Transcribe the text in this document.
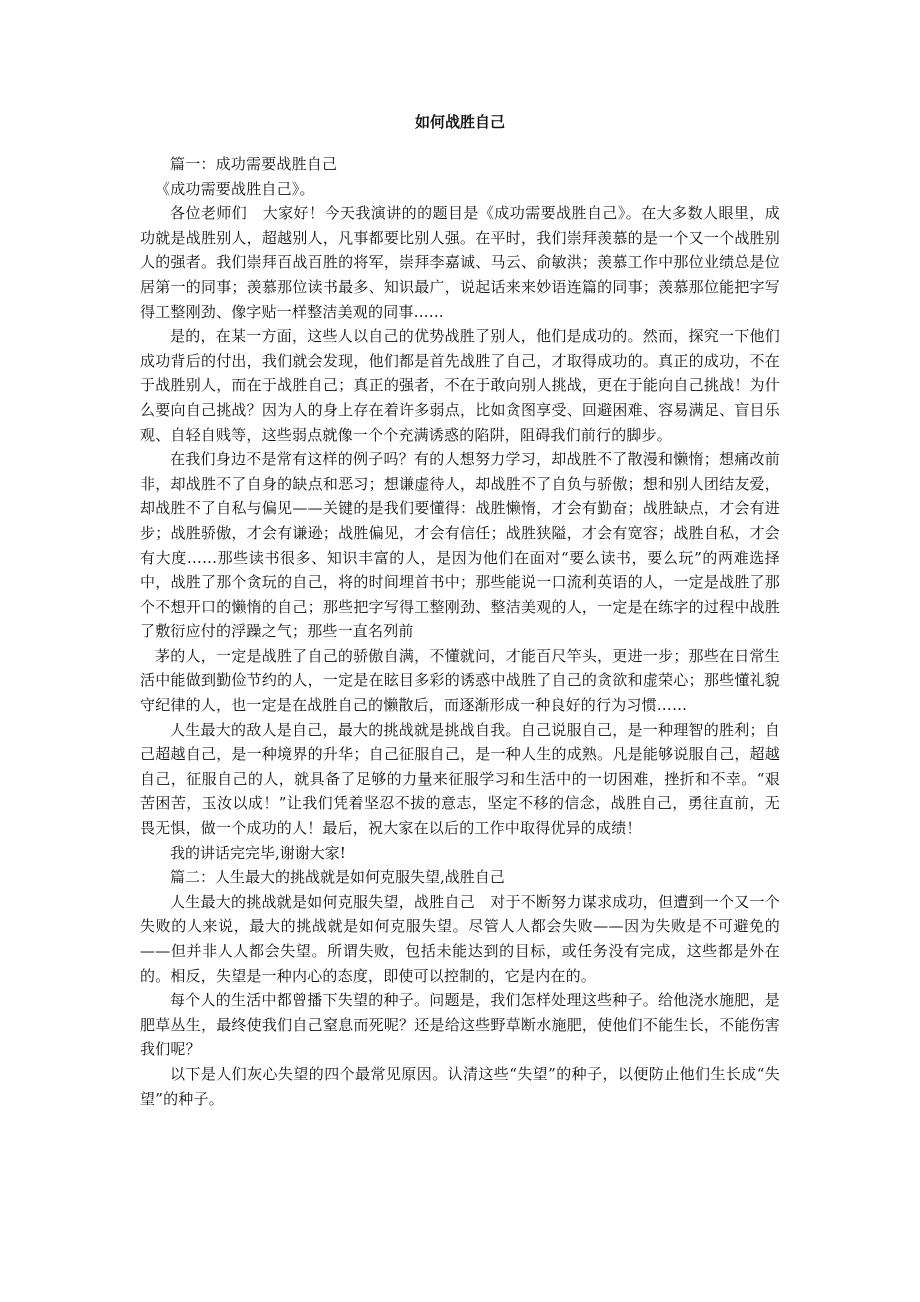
如何战胜自己

篇一：成功需要战胜自己

《成功需要战胜自己》。

各位老师们　大家好！今天我演讲的的题目是《成功需要战胜自己》。在大多数人眼里，成功就是战胜别人，超越别人，凡事都要比别人强。在平时，我们崇拜羡慕的是一个又一个战胜别人的强者。我们崇拜百战百胜的将军，崇拜李嘉诚、马云、俞敏洪；羡慕工作中那位业绩总是位居第一的同事；羡慕那位读书最多、知识最广，说起话来来妙语连篇的同事；羡慕那位能把字写得工整刚劲、像字贴一样整洁美观的同事……

是的，在某一方面，这些人以自己的优势战胜了别人，他们是成功的。然而，探究一下他们成功背后的付出，我们就会发现，他们都是首先战胜了自己，才取得成功的。真正的成功，不在于战胜别人，而在于战胜自己；真正的强者，不在于敢向别人挑战，更在于能向自己挑战！为什么要向自己挑战？因为人的身上存在着许多弱点，比如贪图享受、回避困难、容易满足、盲目乐观、自轻自贱等，这些弱点就像一个个充满诱惑的陷阱，阻碍我们前行的脚步。

在我们身边不是常有这样的例子吗？有的人想努力学习，却战胜不了散漫和懒惰；想痛改前非，却战胜不了自身的缺点和恶习；想谦虚待人，却战胜不了自负与骄傲；想和别人团结友爱，却战胜不了自私与偏见——关键的是我们要懂得：战胜懒惰，才会有勤奋；战胜缺点，才会有进步；战胜骄傲，才会有谦逊；战胜偏见，才会有信任；战胜狭隘，才会有宽容；战胜自私，才会有大度……那些读书很多、知识丰富的人，是因为他们在面对“要么读书，要么玩”的两难选择中，战胜了那个贪玩的自己，将的时间埋首书中；那些能说一口流利英语的人，一定是战胜了那个不想开口的懒惰的自己；那些把字写得工整刚劲、整洁美观的人，一定是在练字的过程中战胜了敷衍应付的浮躁之气；那些一直名列前

茅的人，一定是战胜了自己的骄傲自满，不懂就问，才能百尺竿头，更进一步；那些在日常生活中能做到勤俭节约的人，一定是在眩目多彩的诱惑中战胜了自己的贪欲和虚荣心；那些懂礼貌守纪律的人，也一定是在战胜自己的懒散后，而逐渐形成一种良好的行为习惯……

人生最大的敌人是自己，最大的挑战就是挑战自我。自己说服自己，是一种理智的胜利；自己超越自己，是一种境界的升华；自己征服自己，是一种人生的成熟。凡是能够说服自己，超越自己，征服自己的人，就具备了足够的力量来征服学习和生活中的一切困难，挫折和不幸。“艰苦困苦，玉汝以成！”让我们凭着坚忍不拔的意志，坚定不移的信念，战胜自己，勇往直前，无畏无惧，做一个成功的人！最后，祝大家在以后的工作中取得优异的成绩！

我的讲话完完毕,谢谢大家!

篇二：人生最大的挑战就是如何克服失望,战胜自己

人生最大的挑战就是如何克服失望，战胜自己　对于不断努力谋求成功，但遭到一个又一个失败的人来说，最大的挑战就是如何克服失望。尽管人人都会失败——因为失败是不可避免的——但并非人人都会失望。所谓失败，包括未能达到的目标，或任务没有完成，这些都是外在的。相反，失望是一种内心的态度，即使可以控制的，它是内在的。

每个人的生活中都曾播下失望的种子。问题是，我们怎样处理这些种子。给他浇水施肥，是肥草丛生，最终使我们自己窒息而死呢？还是给这些野草断水施肥，使他们不能生长，不能伤害我们呢？

以下是人们灰心失望的四个最常见原因。认清这些“失望”的种子，以便防止他们生长成“失望”的种子。
